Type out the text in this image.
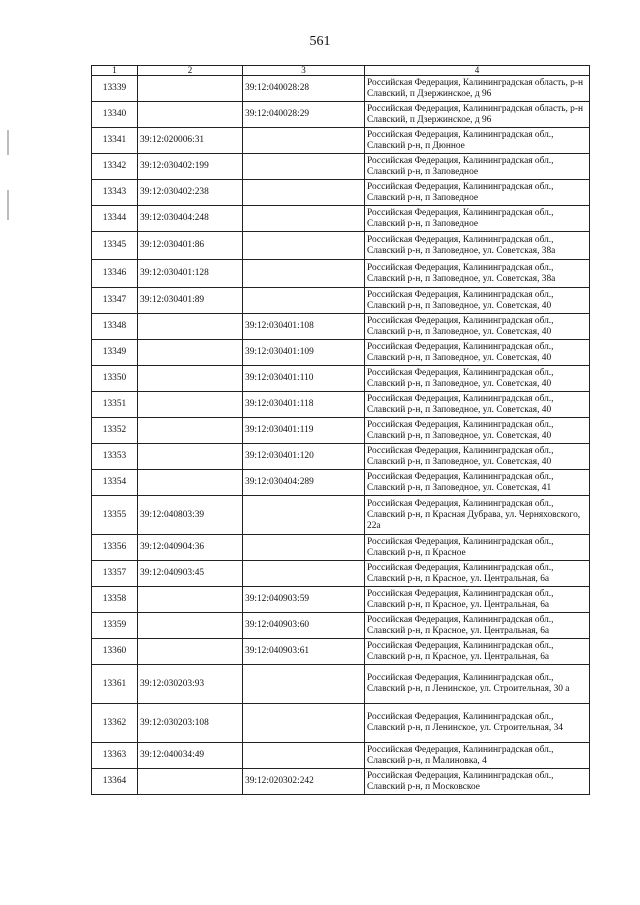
561
1	2	3	4
13339		39:12:040028:28	Российская Федерация, Калининградская область, р-н Славский, п Дзержинское, д 96
13340		39:12:040028:29	Российская Федерация, Калининградская область, р-н Славский, п Дзержинское, д 96
13341	39:12:020006:31		Российская Федерация, Калининградская обл., Славский р-н, п Дюнное
13342	39:12:030402:199		Российская Федерация, Калининградская обл., Славский р-н, п Заповедное
13343	39:12:030402:238		Российская Федерация, Калининградская обл., Славский р-н, п Заповедное
13344	39:12:030404:248		Российская Федерация, Калининградская обл., Славский р-н, п Заповедное
13345	39:12:030401:86		Российская Федерация, Калининградская обл., Славский р-н, п Заповедное, ул. Советская, 38а
13346	39:12:030401:128		Российская Федерация, Калининградская обл., Славский р-н, п Заповедное, ул. Советская, 38а
13347	39:12:030401:89		Российская Федерация, Калининградская обл., Славский р-н, п Заповедное, ул. Советская, 40
13348		39:12:030401:108	Российская Федерация, Калининградская обл., Славский р-н, п Заповедное, ул. Советская, 40
13349		39:12:030401:109	Российская Федерация, Калининградская обл., Славский р-н, п Заповедное, ул. Советская, 40
13350		39:12:030401:110	Российская Федерация, Калининградская обл., Славский р-н, п Заповедное, ул. Советская, 40
13351		39:12:030401:118	Российская Федерация, Калининградская обл., Славский р-н, п Заповедное, ул. Советская, 40
13352		39:12:030401:119	Российская Федерация, Калининградская обл., Славский р-н, п Заповедное, ул. Советская, 40
13353		39:12:030401:120	Российская Федерация, Калининградская обл., Славский р-н, п Заповедное, ул. Советская, 40
13354		39:12:030404:289	Российская Федерация, Калининградская обл., Славский р-н, п Заповедное, ул. Советская, 41
13355	39:12:040803:39		Российская Федерация, Калининградская обл., Славский р-н, п Красная Дубрава, ул. Черняховского, 22а
13356	39:12:040904:36		Российская Федерация, Калининградская обл., Славский р-н, п Красное
13357	39:12:040903:45		Российская Федерация, Калининградская обл., Славский р-н, п Красное, ул. Центральная, 6а
13358		39:12:040903:59	Российская Федерация, Калининградская обл., Славский р-н, п Красное, ул. Центральная, 6а
13359		39:12:040903:60	Российская Федерация, Калининградская обл., Славский р-н, п Красное, ул. Центральная, 6а
13360		39:12:040903:61	Российская Федерация, Калининградская обл., Славский р-н, п Красное, ул. Центральная, 6а
13361	39:12:030203:93		Российская Федерация, Калининградская обл., Славский р-н, п Ленинское, ул. Строительная, 30 а
13362	39:12:030203:108		Российская Федерация, Калининградская обл., Славский р-н, п Ленинское, ул. Строительная, 34
13363	39:12:040034:49		Российская Федерация, Калининградская обл., Славский р-н, п Малиновка, 4
13364		39:12:020302:242	Российская Федерация, Калининградская обл., Славский р-н, п Московское
